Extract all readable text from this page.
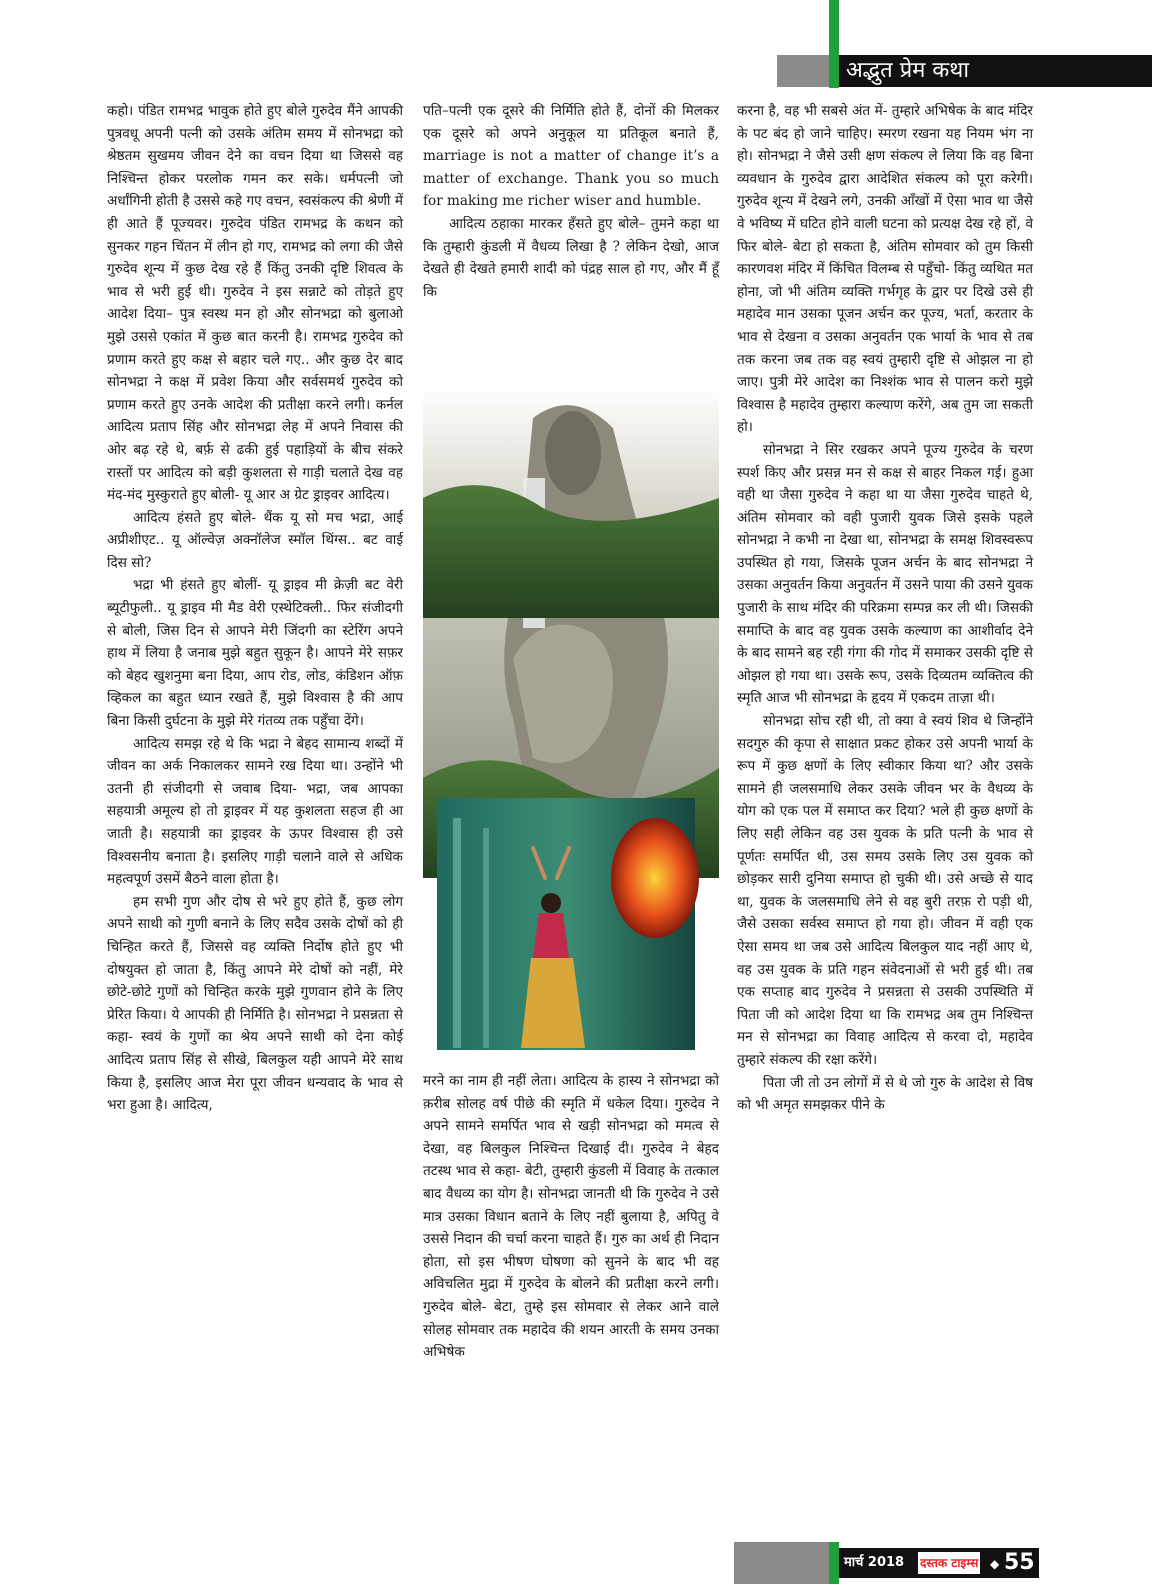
अद्भुत प्रेम कथा

कहो। पंडित रामभद्र भावुक होते हुए बोले गुरुदेव मैंने आपकी पुत्रवधू अपनी पत्नी को उसके अंतिम समय में सोनभद्रा को श्रेष्ठतम सुखमय जीवन देने का वचन दिया था जिससे वह निश्चिन्त होकर परलोक गमन कर सके। धर्मपत्नी जो अर्धांगिनी होती है उससे कहे गए वचन, स्वसंकल्प की श्रेणी में ही आते हैं पूज्यवर। गुरुदेव पंडित रामभद्र के कथन को सुनकर गहन चिंतन में लीन हो गए, रामभद्र को लगा की जैसे गुरुदेव शून्य में कुछ देख रहे हैं किंतु उनकी दृष्टि शिवत्व के भाव से भरी हुई थी। गुरुदेव ने इस सन्नाटे को तोड़ते हुए आदेश दिया– पुत्र स्वस्थ मन हो और सोनभद्रा को बुलाओ मुझे उससे एकांत में कुछ बात करनी है। रामभद्र गुरुदेव को प्रणाम करते हुए कक्ष से बहार चले गए.. और कुछ देर बाद सोनभद्रा ने कक्ष में प्रवेश किया और सर्वसमर्थ गुरुदेव को प्रणाम करते हुए उनके आदेश की प्रतीक्षा करने लगी। कर्नल आदित्य प्रताप सिंह और सोनभद्रा लेह में अपने निवास की ओर बढ़ रहे थे, बर्फ़ से ढकी हुई पहाड़ियों के बीच संकरे रास्तों पर आदित्य को बड़ी कुशलता से गाड़ी चलाते देख वह मंद-मंद मुस्कुराते हुए बोली- यू आर अ ग्रेट ड्राइवर आदित्य।

आदित्य हंसते हुए बोले- थैंक यू सो मच भद्रा, आई अप्रीशीएट.. यू ऑल्वेज़ अक्नॉलेज स्मॉल थिंग्स.. बट वाई दिस सो?

भद्रा भी हंसते हुए बोलीं- यू ड्राइव मी क्रेज़ी बट वेरी ब्यूटीफुली.. यू ड्राइव मी मैड वेरी एस्थेटिक्ली.. फिर संजीदगी से बोली, जिस दिन से आपने मेरी जिंदगी का स्टेरिंग अपने हाथ में लिया है जनाब मुझे बहुत सुकून है। आपने मेरे सफ़र को बेहद खुशनुमा बना दिया, आप रोड, लोड, कंडिशन ऑफ़ व्हिकल का बहुत ध्यान रखते हैं, मुझे विश्वास है की आप बिना किसी दुर्घटना के मुझे मेरे गंतव्य तक पहुँचा देंगे।

आदित्य समझ रहे थे कि भद्रा ने बेहद सामान्य शब्दों में जीवन का अर्क निकालकर सामने रख दिया था। उन्होंने भी उतनी ही संजीदगी से जवाब दिया- भद्रा, जब आपका सहयात्री अमूल्य हो तो ड्राइवर में यह कुशलता सहज ही आ जाती है। सहयात्री का ड्राइवर के ऊपर विश्वास ही उसे विश्वसनीय बनाता है। इसलिए गाड़ी चलाने वाले से अधिक महत्वपूर्ण उसमें बैठने वाला होता है।

हम सभी गुण और दोष से भरे हुए होते हैं, कुछ लोग अपने साथी को गुणी बनाने के लिए सदैव उसके दोषों को ही चिन्हित करते हैं, जिससे वह व्यक्ति निर्दोष होते हुए भी दोषयुक्त हो जाता है, किंतु आपने मेरे दोषों को नहीं, मेरे छोटे-छोटे गुणों को चिन्हित करके मुझे गुणवान होने के लिए प्रेरित किया। ये आपकी ही निर्मिति है। सोनभद्रा ने प्रसन्नता से कहा- स्वयं के गुणों का श्रेय अपने साथी को देना कोई आदित्य प्रताप सिंह से सीखे, बिलकुल यही आपने मेरे साथ किया है, इसलिए आज मेरा पूरा जीवन धन्यवाद के भाव से भरा हुआ है। आदित्य,

पति–पत्नी एक दूसरे की निर्मिति होते हैं, दोनों की मिलकर एक दूसरे को अपने अनुकूल या प्रतिकूल बनाते हैं, marriage is not a matter of change it’s a matter of exchange. Thank you so much for making me richer wiser and humble.

आदित्य ठहाका मारकर हँसते हुए बोले– तुमने कहा था कि तुम्हारी कुंडली में वैधव्य लिखा है ? लेकिन देखो, आज देखते ही देखते हमारी शादी को पंद्रह साल हो गए, और मैं हूँ कि

मरने का नाम ही नहीं लेता। आदित्य के हास्य ने सोनभद्रा को क़रीब सोलह वर्ष पीछे की स्मृति में धकेल दिया। गुरुदेव ने अपने सामने समर्पित भाव से खड़ी सोनभद्रा को ममत्व से देखा, वह बिलकुल निश्चिन्त दिखाई दी। गुरुदेव ने बेहद तटस्थ भाव से कहा- बेटी, तुम्हारी कुंडली में विवाह के तत्काल बाद वैधव्य का योग है। सोनभद्रा जानती थी कि गुरुदेव ने उसे मात्र उसका विधान बताने के लिए नहीं बुलाया है, अपितु वे उससे निदान की चर्चा करना चाहते हैं। गुरु का अर्थ ही निदान होता, सो इस भीषण घोषणा को सुनने के बाद भी वह अविचलित मुद्रा में गुरुदेव के बोलने की प्रतीक्षा करने लगी। गुरुदेव बोले- बेटा, तुम्हे इस सोमवार से लेकर आने वाले सोलह सोमवार तक महादेव की शयन आरती के समय उनका अभिषेक

करना है, वह भी सबसे अंत में- तुम्हारे अभिषेक के बाद मंदिर के पट बंद हो जाने चाहिए। स्मरण रखना यह नियम भंग ना हो। सोनभद्रा ने जैसे उसी क्षण संकल्प ले लिया कि वह बिना व्यवधान के गुरुदेव द्वारा आदेशित संकल्प को पूरा करेगी। गुरुदेव शून्य में देखने लगे, उनकी आँखों में ऐसा भाव था जैसे वे भविष्य में घटित होने वाली घटना को प्रत्यक्ष देख रहे हों, वे फिर बोले- बेटा हो सकता है, अंतिम सोमवार को तुम किसी कारणवश मंदिर में किंचित विलम्ब से पहुँचो- किंतु व्यथित मत होना, जो भी अंतिम व्यक्ति गर्भगृह के द्वार पर दिखे उसे ही महादेव मान उसका पूजन अर्चन कर पूज्य, भर्ता, करतार के भाव से देखना व उसका अनुवर्तन एक भार्या के भाव से तब तक करना जब तक वह स्वयं तुम्हारी दृष्टि से ओझल ना हो जाए। पुत्री मेरे आदेश का निश्शंक भाव से पालन करो मुझे विश्वास है महादेव तुम्हारा कल्याण करेंगे, अब तुम जा सकती हो।

सोनभद्रा ने सिर रखकर अपने पूज्य गुरुदेव के चरण स्पर्श किए और प्रसन्न मन से कक्ष से बाहर निकल गई। हुआ वही था जैसा गुरुदेव ने कहा था या जैसा गुरुदेव चाहते थे, अंतिम सोमवार को वही पुजारी युवक जिसे इसके पहले सोनभद्रा ने कभी ना देखा था, सोनभद्रा के समक्ष शिवस्वरूप उपस्थित हो गया, जिसके पूजन अर्चन के बाद सोनभद्रा ने उसका अनुवर्तन किया अनुवर्तन में उसने पाया की उसने युवक पुजारी के साथ मंदिर की परिक्रमा सम्पन्न कर ली थी। जिसकी समाप्ति के बाद वह युवक उसके कल्याण का आशीर्वाद देने के बाद सामने बह रही गंगा की गोद में समाकर उसकी दृष्टि से ओझल हो गया था। उसके रूप, उसके दिव्यतम व्यक्तित्व की स्मृति आज भी सोनभद्रा के हृदय में एकदम ताज़ा थी।

सोनभद्रा सोच रही थी, तो क्या वे स्वयं शिव थे जिन्होंने सदगुरु की कृपा से साक्षात प्रकट होकर उसे अपनी भार्या के रूप में कुछ क्षणों के लिए स्वीकार किया था? और उसके सामने ही जलसमाधि लेकर उसके जीवन भर के वैधव्य के योग को एक पल में समाप्त कर दिया? भले ही कुछ क्षणों के लिए सही लेकिन वह उस युवक के प्रति पत्नी के भाव से पूर्णतः समर्पित थी, उस समय उसके लिए उस युवक को छोड़कर सारी दुनिया समाप्त हो चुकी थी। उसे अच्छे से याद था, युवक के जलसमाधि लेने से वह बुरी तरफ़ रो पड़ी थी, जैसे उसका सर्वस्व समाप्त हो गया हो। जीवन में वही एक ऐसा समय था जब उसे आदित्य बिलकुल याद नहीं आए थे, वह उस युवक के प्रति गहन संवेदनाओं से भरी हुई थी। तब एक सप्ताह बाद गुरुदेव ने प्रसन्नता से उसकी उपस्थिति में पिता जी को आदेश दिया था कि रामभद्र अब तुम निश्चिन्त मन से सोनभद्रा का विवाह आदित्य से करवा दो, महादेव तुम्हारे संकल्प की रक्षा करेंगे।

पिता जी तो उन लोगों में से थे जो गुरु के आदेश से विष को भी अमृत समझकर पीने के

मार्च 2018 दस्तक टाइम्स ◆ 55
